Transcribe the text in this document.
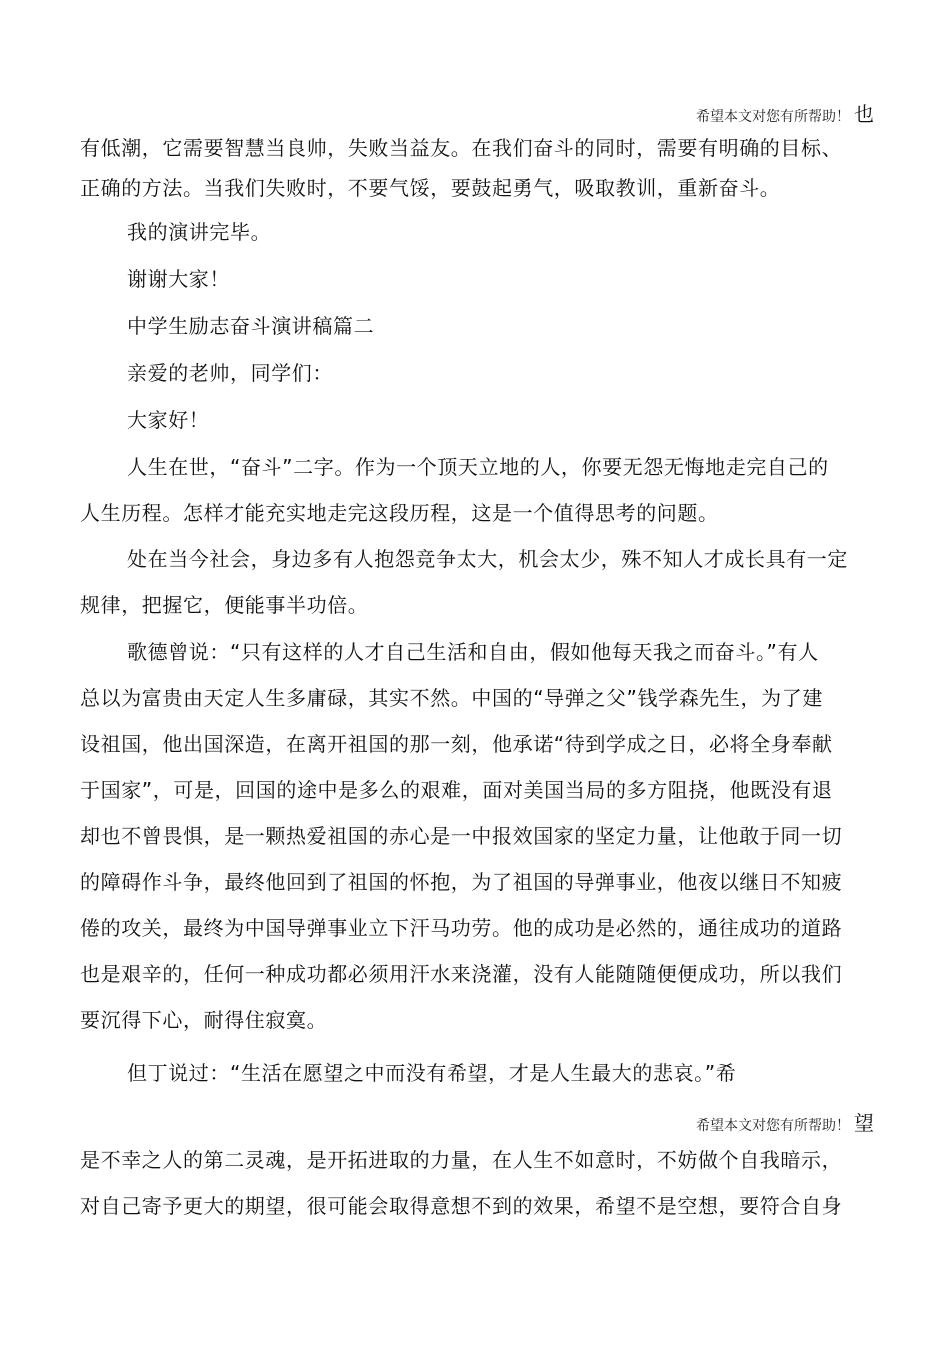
希望本文对您有所帮助！ 也
有低潮，它需要智慧当良帅，失败当益友。在我们奋斗的同时，需要有明确的目标、
正确的方法。当我们失败时，不要气馁，要鼓起勇气，吸取教训，重新奋斗。
我的演讲完毕。
谢谢大家！
中学生励志奋斗演讲稿篇二
亲爱的老帅，同学们：
大家好！
人生在世，“奋斗”二字。作为一个顶天立地的人，你要无怨无悔地走完自己的
人生历程。怎样才能充实地走完这段历程，这是一个值得思考的问题。
处在当今社会，身边多有人抱怨竞争太大，机会太少，殊不知人才成长具有一定
规律，把握它，便能事半功倍。
歌德曾说：“只有这样的人才自己生活和自由，假如他每天我之而奋斗。”有人
总以为富贵由天定人生多庸碌，其实不然。中国的“导弹之父”钱学森先生，为了建
设祖国，他出国深造，在离开祖国的那一刻，他承诺“待到学成之日，必将全身奉献
于国家”，可是，回国的途中是多么的艰难，面对美国当局的多方阻挠，他既没有退
却也不曾畏惧，是一颗热爱祖国的赤心是一中报效国家的坚定力量，让他敢于同一切
的障碍作斗争，最终他回到了祖国的怀抱，为了祖国的导弹事业，他夜以继日不知疲
倦的攻关，最终为中国导弹事业立下汗马功劳。他的成功是必然的，通往成功的道路
也是艰辛的，任何一种成功都必须用汗水来浇灌，没有人能随随便便成功，所以我们
要沉得下心，耐得住寂寞。
但丁说过：“生活在愿望之中而没有希望，才是人生最大的悲哀。”希
希望本文对您有所帮助！ 望
是不幸之人的第二灵魂，是开拓进取的力量，在人生不如意时，不妨做个自我暗示，
对自己寄予更大的期望，很可能会取得意想不到的效果，希望不是空想，要符合自身
